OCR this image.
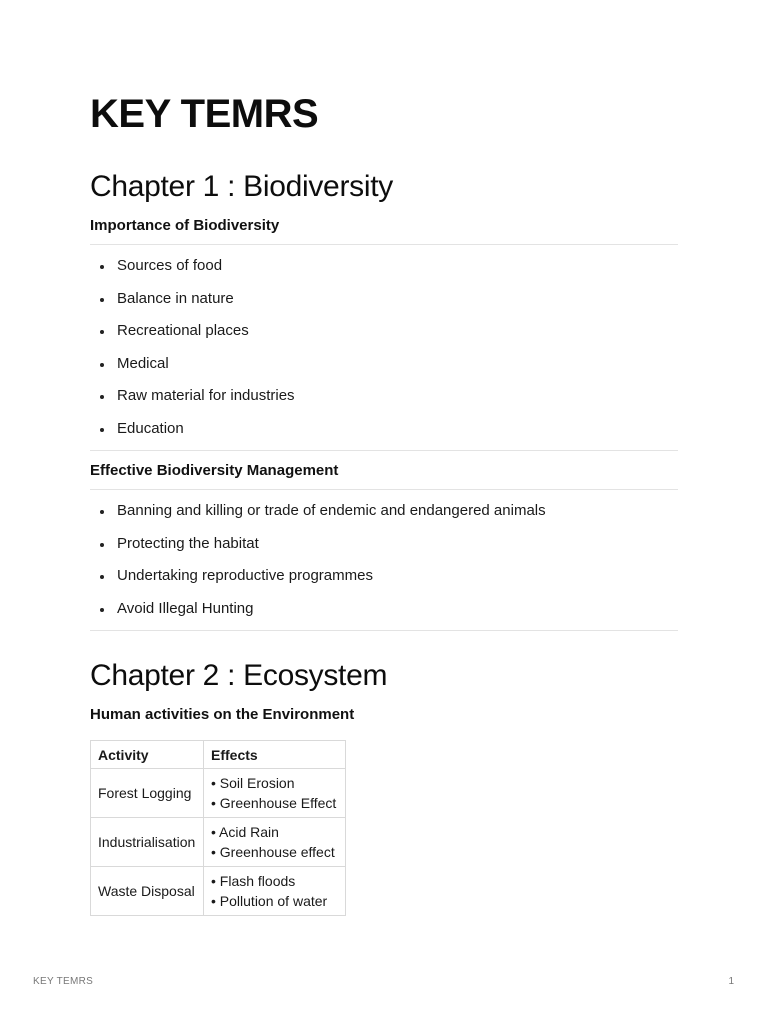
KEY TEMRS
Chapter 1 : Biodiversity
Importance of Biodiversity
Sources of food
Balance in nature
Recreational places
Medical
Raw material for industries
Education
Effective Biodiversity Management
Banning and killing or trade of endemic and endangered animals
Protecting the habitat
Undertaking reproductive programmes
Avoid Illegal Hunting
Chapter 2 : Ecosystem
Human activities on the Environment
Activity	Effects
Forest Logging	• Soil Erosion
• Greenhouse Effect

Industrialisation	• Acid Rain
• Greenhouse effect

Waste Disposal	• Flash floods
• Pollution of water
KEY TEMRS	1
